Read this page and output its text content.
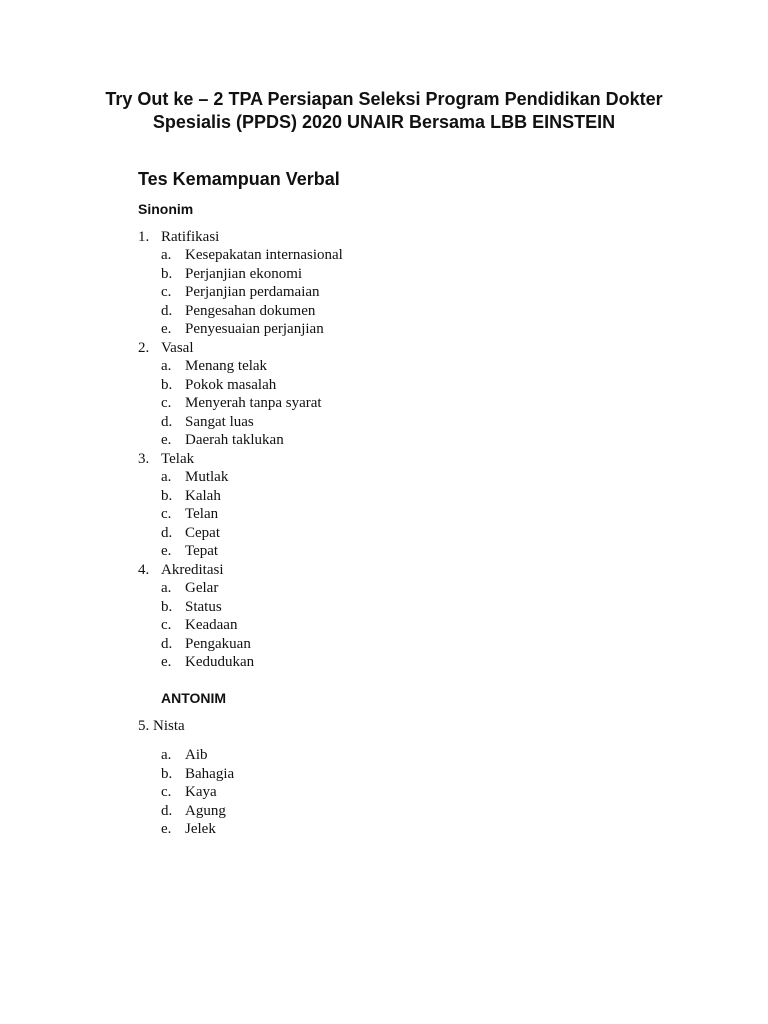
Try Out ke – 2 TPA Persiapan Seleksi Program Pendidikan Dokter
Spesialis (PPDS) 2020 UNAIR Bersama LBB EINSTEIN
Tes Kemampuan Verbal
Sinonim
1. Ratifikasi
a. Kesepakatan internasional
b. Perjanjian ekonomi
c. Perjanjian perdamaian
d. Pengesahan dokumen
e. Penyesuaian perjanjian
2. Vasal
a. Menang telak
b. Pokok masalah
c. Menyerah tanpa syarat
d. Sangat luas
e. Daerah taklukan
3. Telak
a. Mutlak
b. Kalah
c. Telan
d. Cepat
e. Tepat
4. Akreditasi
a. Gelar
b. Status
c. Keadaan
d. Pengakuan
e. Kedudukan
ANTONIM
5. Nista
a. Aib
b. Bahagia
c. Kaya
d. Agung
e. Jelek
